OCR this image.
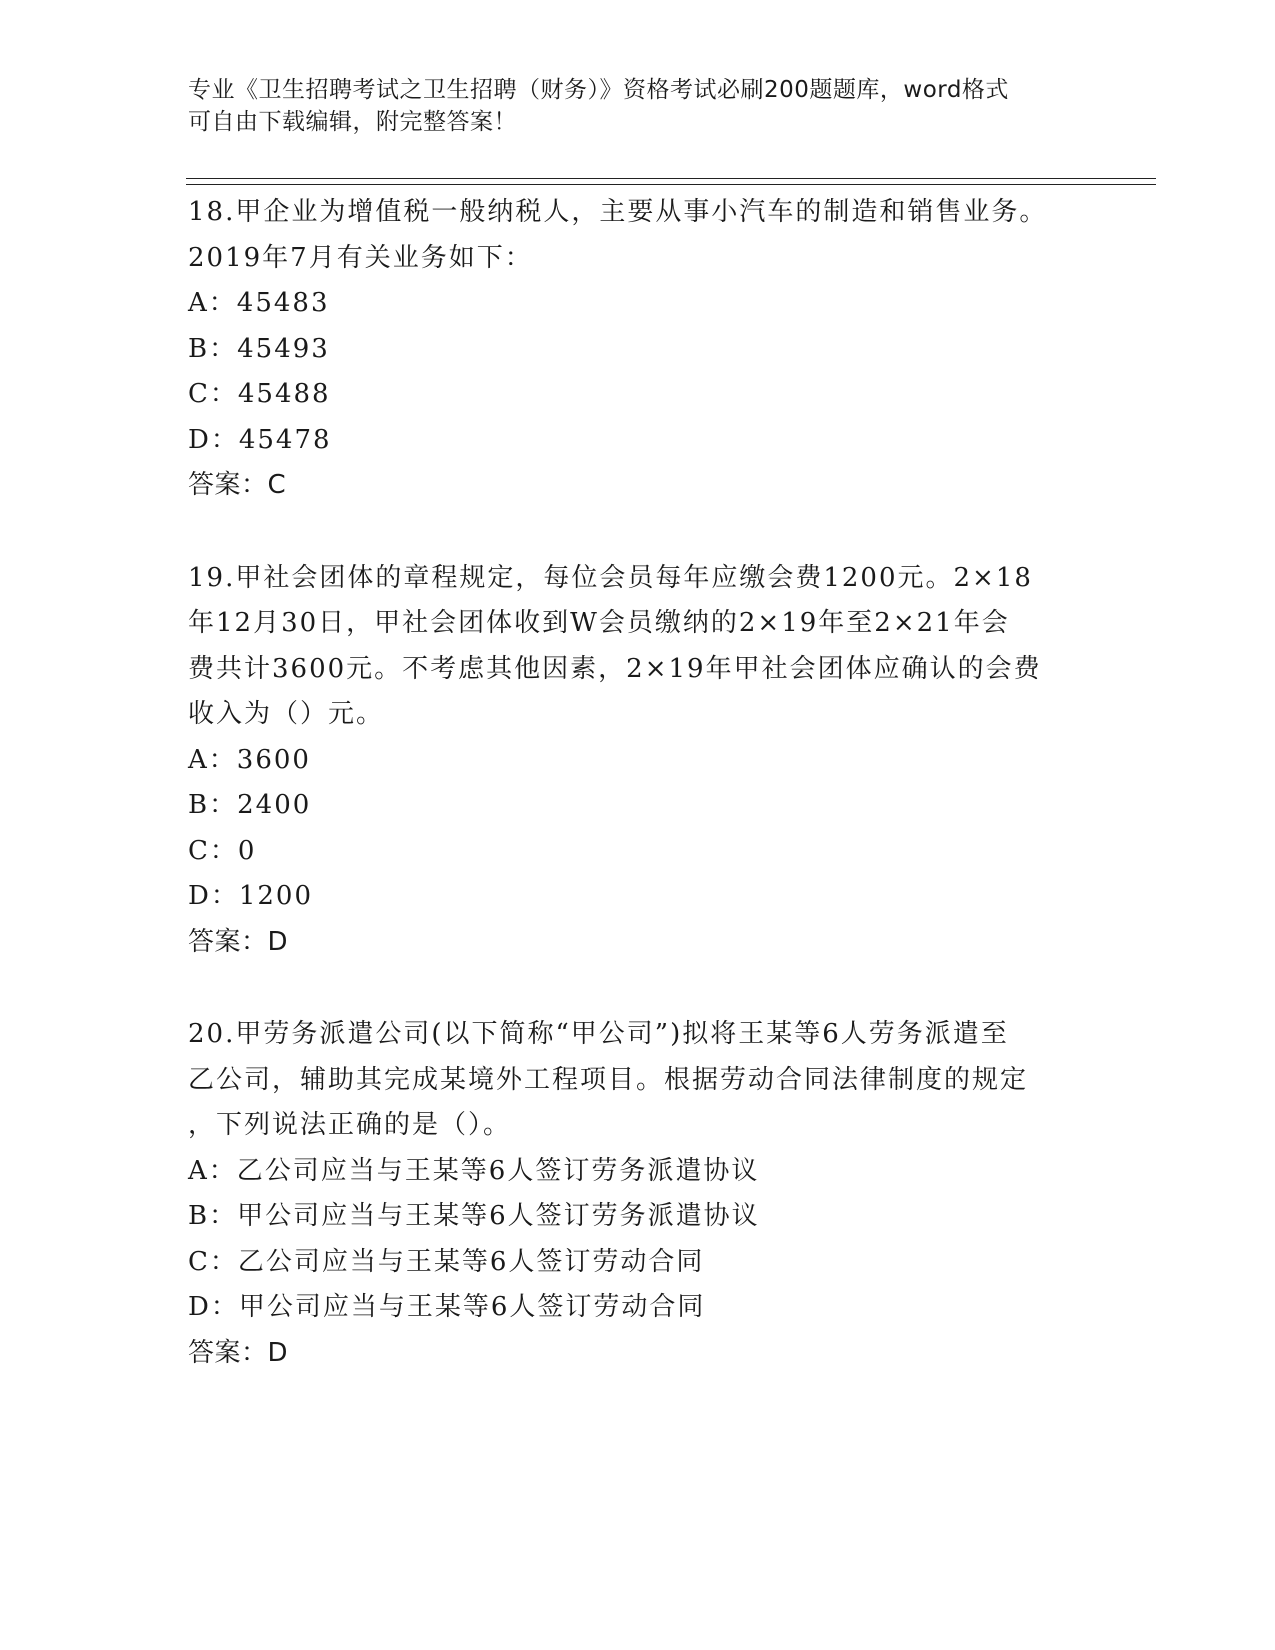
专业《卫生招聘考试之卫生招聘（财务）》资格考试必刷200题题库，word格式
可自由下载编辑，附完整答案！
18.甲企业为增值税一般纳税人，主要从事小汽车的制造和销售业务。
2019年7月有关业务如下：
A：45483
B：45493
C：45488
D：45478
答案：C
19.甲社会团体的章程规定，每位会员每年应缴会费1200元。2×18
年12月30日，甲社会团体收到W会员缴纳的2×19年至2×21年会
费共计3600元。不考虑其他因素，2×19年甲社会团体应确认的会费
收入为（）元。
A：3600
B：2400
C：0
D：1200
答案：D
20.甲劳务派遣公司(以下简称“甲公司”)拟将王某等6人劳务派遣至
乙公司，辅助其完成某境外工程项目。根据劳动合同法律制度的规定
，下列说法正确的是（）。
A：乙公司应当与王某等6人签订劳务派遣协议
B：甲公司应当与王某等6人签订劳务派遣协议
C：乙公司应当与王某等6人签订劳动合同
D：甲公司应当与王某等6人签订劳动合同
答案：D
